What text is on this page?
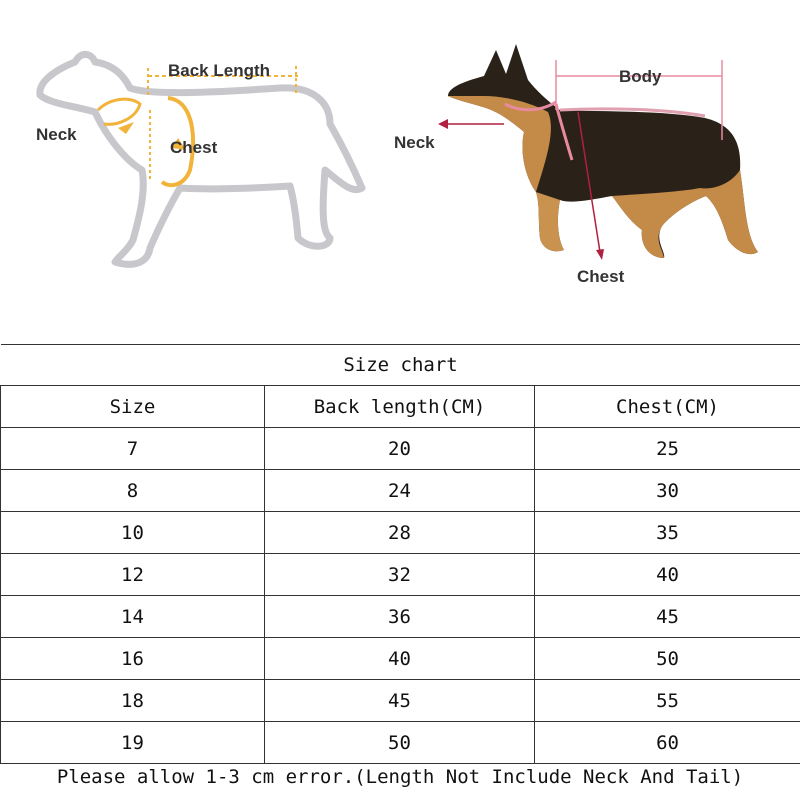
Back Length
Neck
Chest
Body
Neck
Chest
Size chart		
Size	Back length(CM)	Chest(CM)
7	20	25
8	24	30
10	28	35
12	32	40
14	36	45
16	40	50
18	45	55
19	50	60
Please allow 1-3 cm error.(Length Not Include Neck And Tail)
